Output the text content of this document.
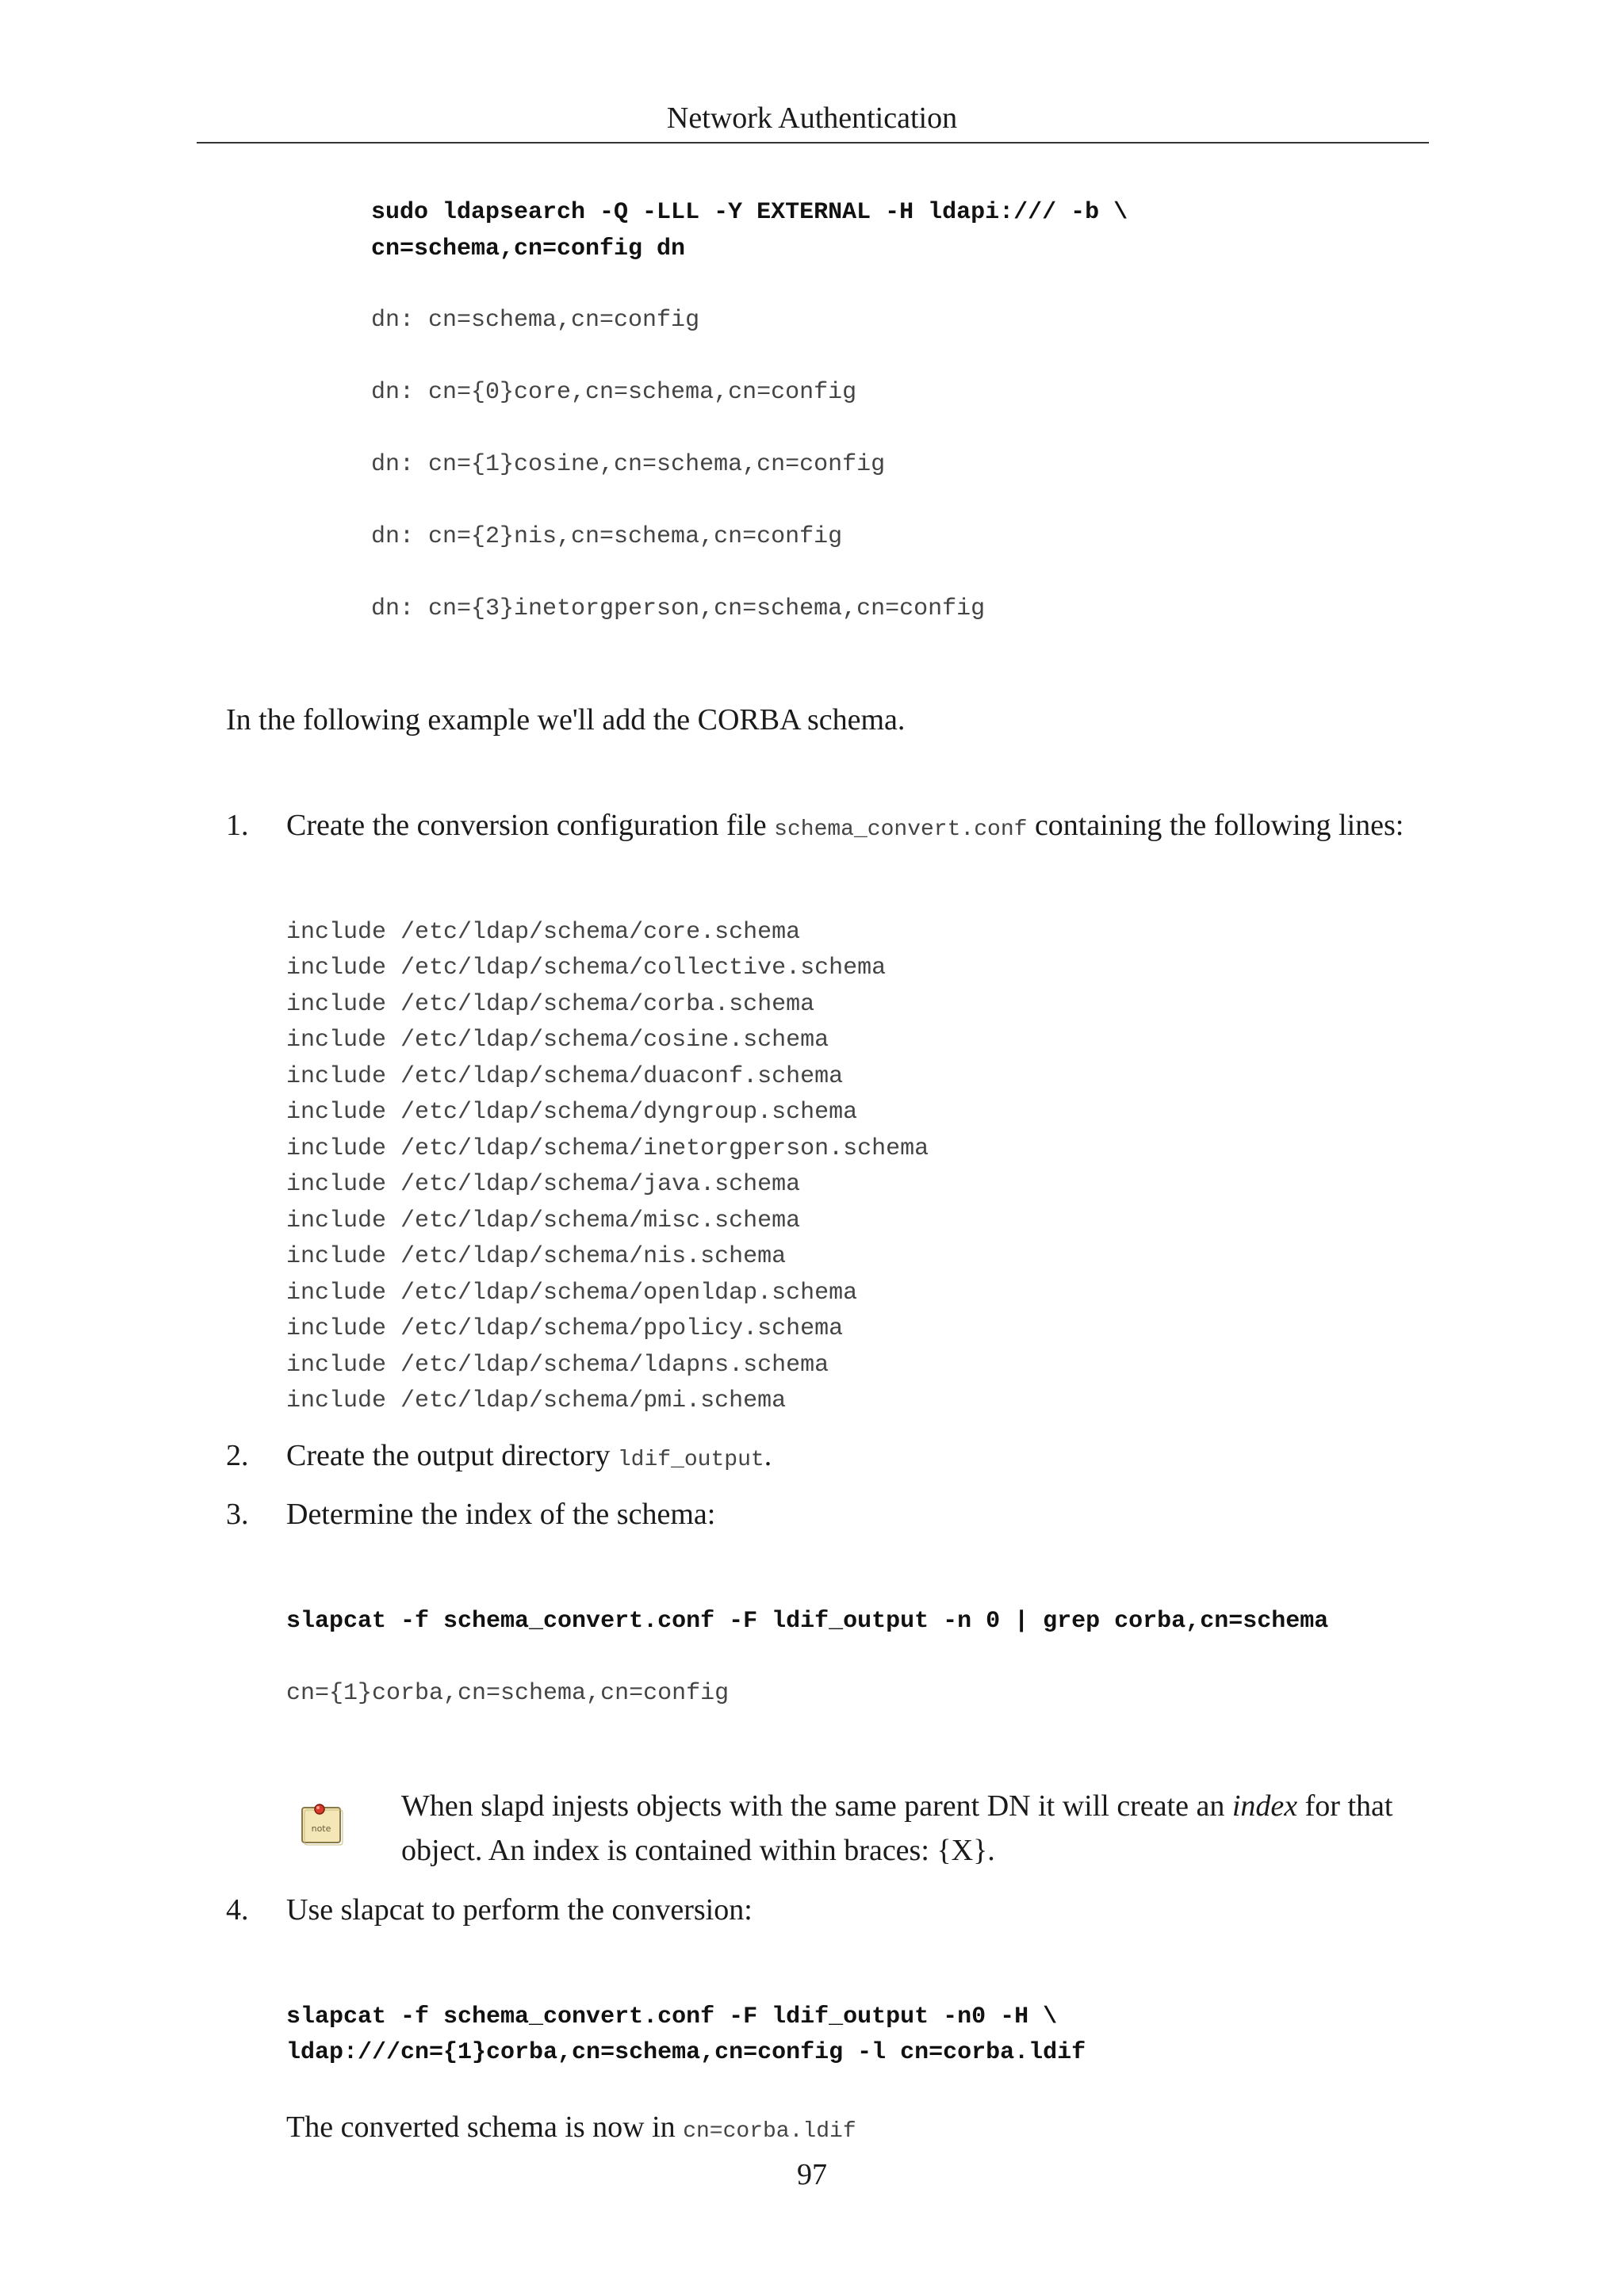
Network Authentication
sudo ldapsearch -Q -LLL -Y EXTERNAL -H ldapi:/// -b \
cn=schema,cn=config dn
dn: cn=schema,cn=config
dn: cn={0}core,cn=schema,cn=config
dn: cn={1}cosine,cn=schema,cn=config
dn: cn={2}nis,cn=schema,cn=config
dn: cn={3}inetorgperson,cn=schema,cn=config
In the following example we'll add the CORBA schema.
1. Create the conversion configuration file schema_convert.conf containing the following lines:
include /etc/ldap/schema/core.schema
include /etc/ldap/schema/collective.schema
include /etc/ldap/schema/corba.schema
include /etc/ldap/schema/cosine.schema
include /etc/ldap/schema/duaconf.schema
include /etc/ldap/schema/dyngroup.schema
include /etc/ldap/schema/inetorgperson.schema
include /etc/ldap/schema/java.schema
include /etc/ldap/schema/misc.schema
include /etc/ldap/schema/nis.schema
include /etc/ldap/schema/openldap.schema
include /etc/ldap/schema/ppolicy.schema
include /etc/ldap/schema/ldapns.schema
include /etc/ldap/schema/pmi.schema
2. Create the output directory ldif_output.
3. Determine the index of the schema:
slapcat -f schema_convert.conf -F ldif_output -n 0 | grep corba,cn=schema
cn={1}corba,cn=schema,cn=config
note
When slapd injests objects with the same parent DN it will create an index for that
object. An index is contained within braces: {X}.
4. Use slapcat to perform the conversion:
slapcat -f schema_convert.conf -F ldif_output -n0 -H \
ldap:///cn={1}corba,cn=schema,cn=config -l cn=corba.ldif
The converted schema is now in cn=corba.ldif
97
